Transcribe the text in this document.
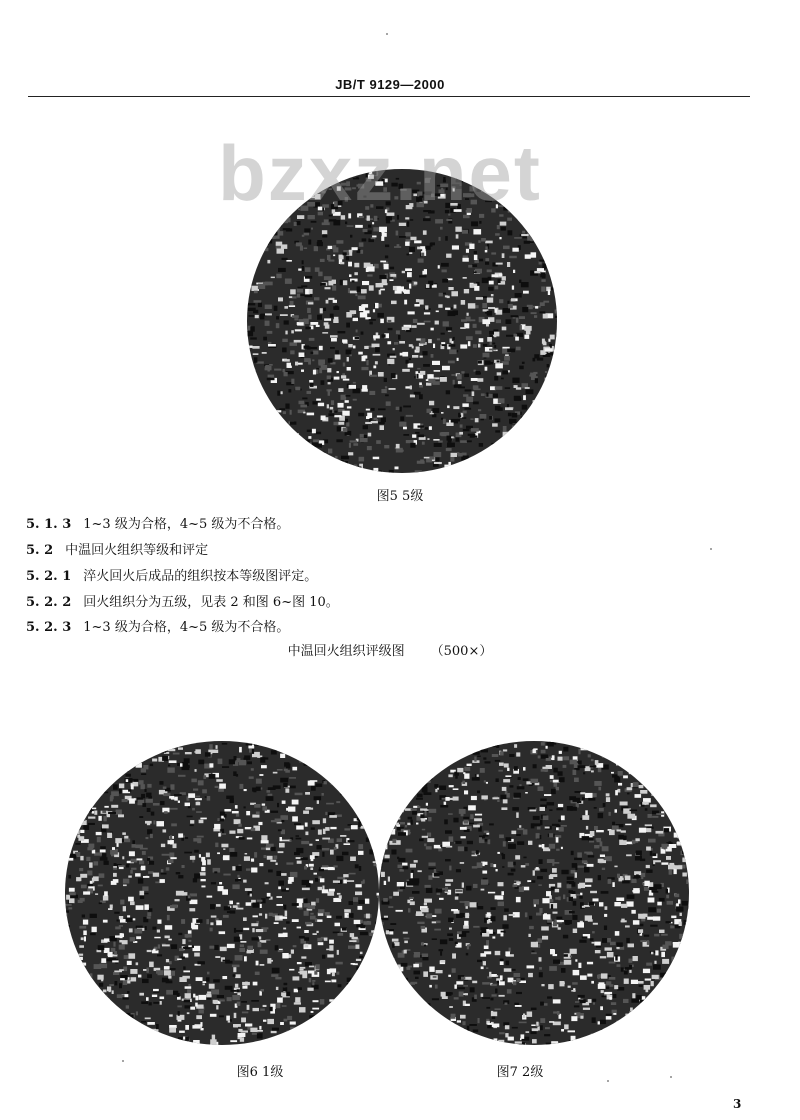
JB/T 9129—2000
bzxz.net
图5 5级
5. 1. 3 1~3 级为合格，4~5 级为不合格。
5. 2 中温回火组织等级和评定
5. 2. 1 淬火回火后成品的组织按本等级图评定。
5. 2. 2 回火组织分为五级，见表 2 和图 6~图 10。
5. 2. 3 1~3 级为合格，4~5 级为不合格。
中温回火组织评级图 （500×）
图6 1级	图7 2级
3
